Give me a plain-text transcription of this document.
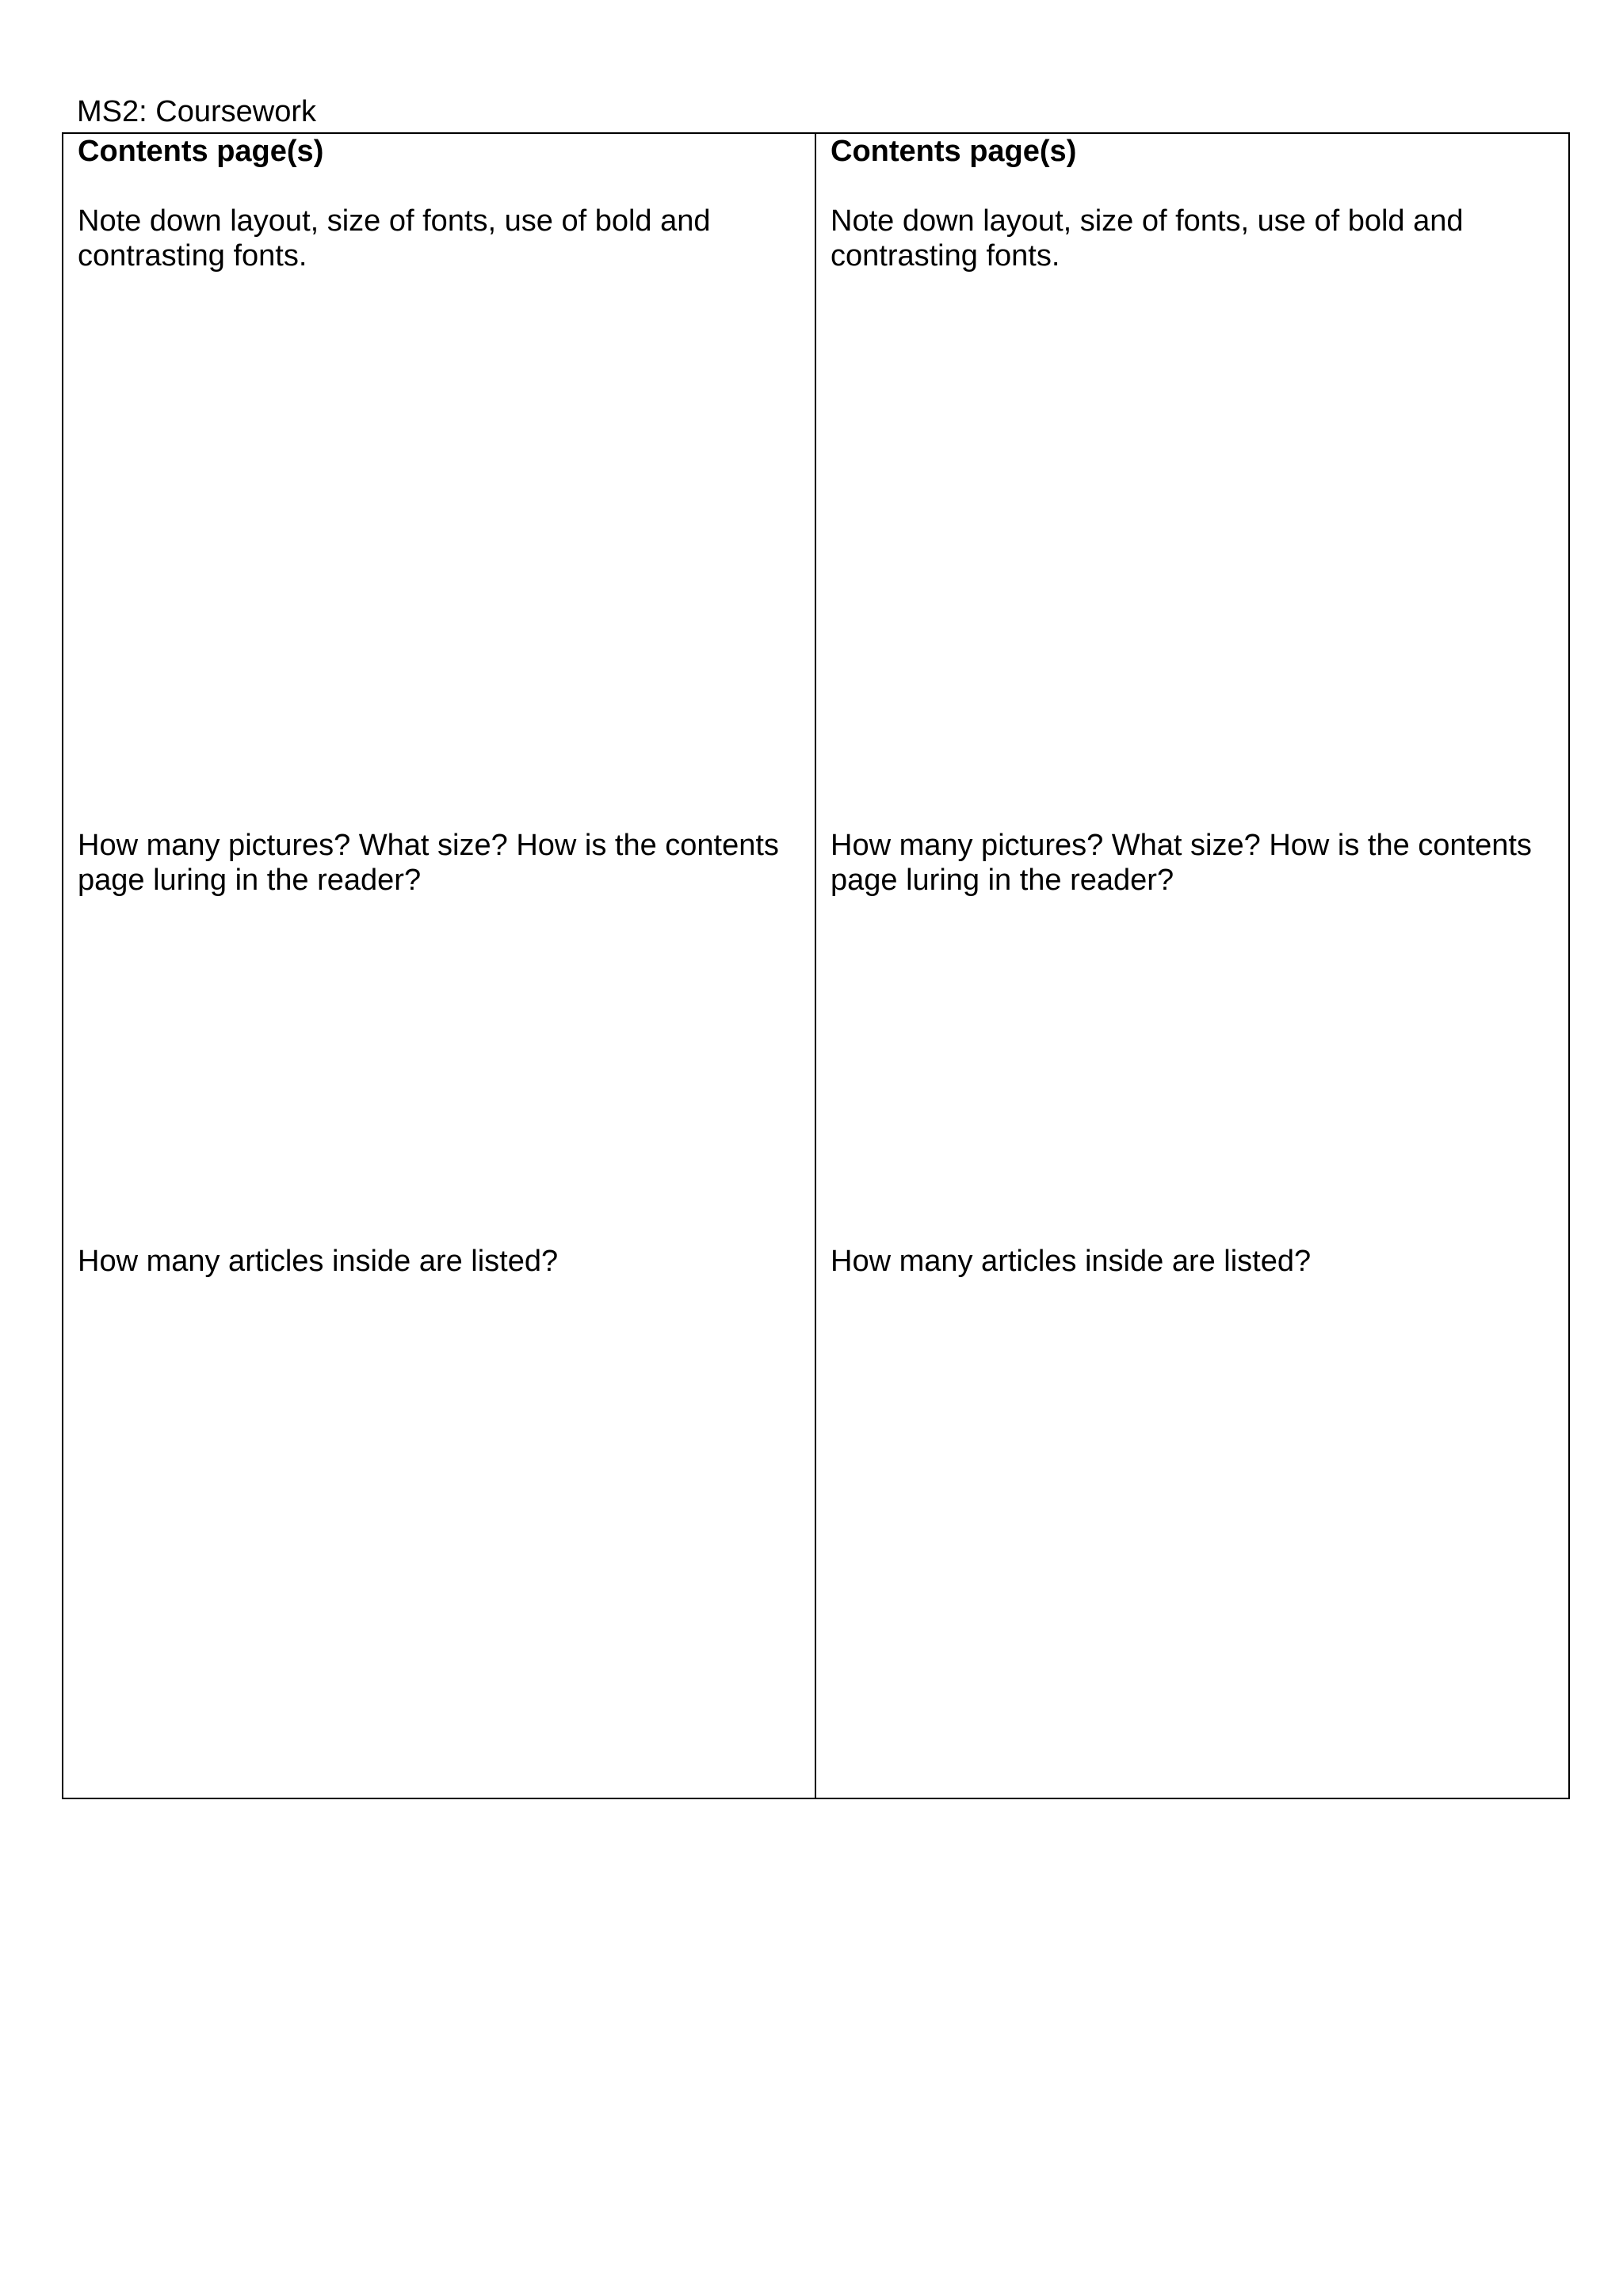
MS2: Coursework
Contents page(s)

Note down layout, size of fonts, use of bold and contrasting fonts.

How many pictures? What size? How is the contents page luring in the reader?

How many articles inside are listed?

Contents page(s)

Note down layout, size of fonts, use of bold and contrasting fonts.

How many pictures? What size? How is the contents page luring in the reader?

How many articles inside are listed?
